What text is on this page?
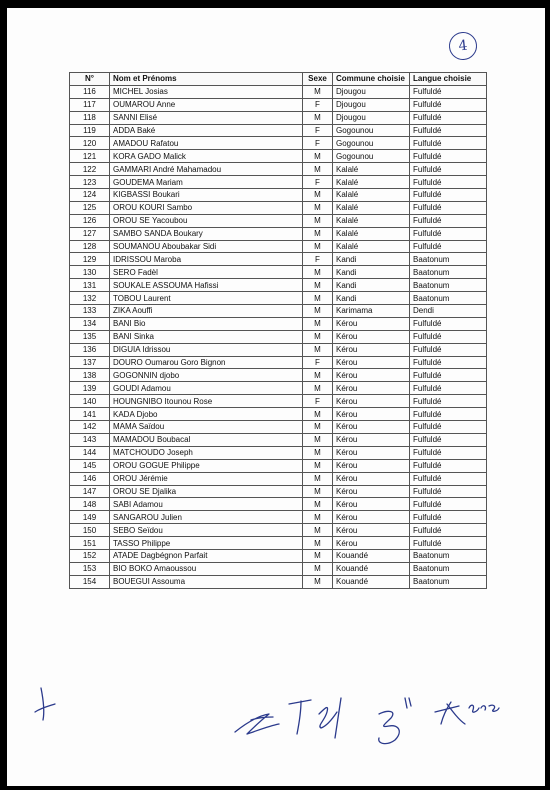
4
N°	Nom et Prénoms	Sexe	Commune choisie	Langue choisie
116	MICHEL Josias	M	Djougou	Fulfuldé
117	OUMAROU Anne	F	Djougou	Fulfuldé
118	SANNI Elisé	M	Djougou	Fulfuldé
119	ADDA Baké	F	Gogounou	Fulfuldé
120	AMADOU Rafatou	F	Gogounou	Fulfuldé
121	KORA GADO Malick	M	Gogounou	Fulfuldé
122	GAMMARI André Mahamadou	M	Kalalé	Fulfuldé
123	GOUDEMA Mariam	F	Kalalé	Fulfuldé
124	KIGBASSI Boukari	M	Kalalé	Fulfuldé
125	OROU KOURI Sambo	M	Kalalé	Fulfuldé
126	OROU SE Yacoubou	M	Kalalé	Fulfuldé
127	SAMBO SANDA Boukary	M	Kalalé	Fulfuldé
128	SOUMANOU Aboubakar Sidi	M	Kalalé	Fulfuldé
129	IDRISSOU Maroba	F	Kandi	Baatonum
130	SERO Fadèl	M	Kandi	Baatonum
131	SOUKALE ASSOUMA Hafissi	M	Kandi	Baatonum
132	TOBOU Laurent	M	Kandi	Baatonum
133	ZIKA Aouffi	M	Karimama	Dendi
134	BANI Bio	M	Kérou	Fulfuldé
135	BANI Sinka	M	Kérou	Fulfuldé
136	DIGUIA Idrissou	M	Kérou	Fulfuldé
137	DOURO Oumarou Goro Bignon	F	Kérou	Fulfuldé
138	GOGONNIN djobo	M	Kérou	Fulfuldé
139	GOUDI Adamou	M	Kérou	Fulfuldé
140	HOUNGNIBO Itounou Rose	F	Kérou	Fulfuldé
141	KADA Djobo	M	Kérou	Fulfuldé
142	MAMA Saïdou	M	Kérou	Fulfuldé
143	MAMADOU Boubacal	M	Kérou	Fulfuldé
144	MATCHOUDO Joseph	M	Kérou	Fulfuldé
145	OROU GOGUE Philippe	M	Kérou	Fulfuldé
146	OROU Jérémie	M	Kérou	Fulfuldé
147	OROU SE Djalika	M	Kérou	Fulfuldé
148	SABI Adamou	M	Kérou	Fulfuldé
149	SANGAROU Julien	M	Kérou	Fulfuldé
150	SEBO Seïdou	M	Kérou	Fulfuldé
151	TASSO Philippe	M	Kérou	Fulfuldé
152	ATADE Dagbégnon Parfait	M	Kouandé	Baatonum
153	BIO BOKO Amaoussou	M	Kouandé	Baatonum
154	BOUEGUI Assouma	M	Kouandé	Baatonum
